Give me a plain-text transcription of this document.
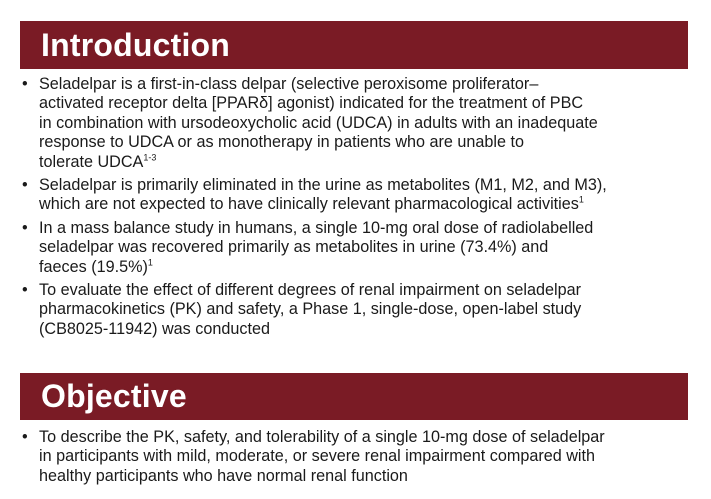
Introduction
• Seladelpar is a first-in-class delpar (selective peroxisome proliferator–
activated receptor delta [PPARδ] agonist) indicated for the treatment of PBC
in combination with ursodeoxycholic acid (UDCA) in adults with an inadequate
response to UDCA or as monotherapy in patients who are unable to
tolerate UDCA$^{1-3}$
• Seladelpar is primarily eliminated in the urine as metabolites (M1, M2, and M3),
which are not expected to have clinically relevant pharmacological activities$^1$
• In a mass balance study in humans, a single 10-mg oral dose of radiolabelled
seladelpar was recovered primarily as metabolites in urine (73.4%) and
faeces $(19.5\%)^1$
• To evaluate the effect of different degrees of renal impairment on seladelpar
pharmacokinetics (PK) and safety, a Phase 1, single-dose, open-label study
(CB8025-11942) was conducted
Objective
• To describe the PK, safety, and tolerability of a single 10-mg dose of seladelpar
in participants with mild, moderate, or severe renal impairment compared with
healthy participants who have normal renal function
